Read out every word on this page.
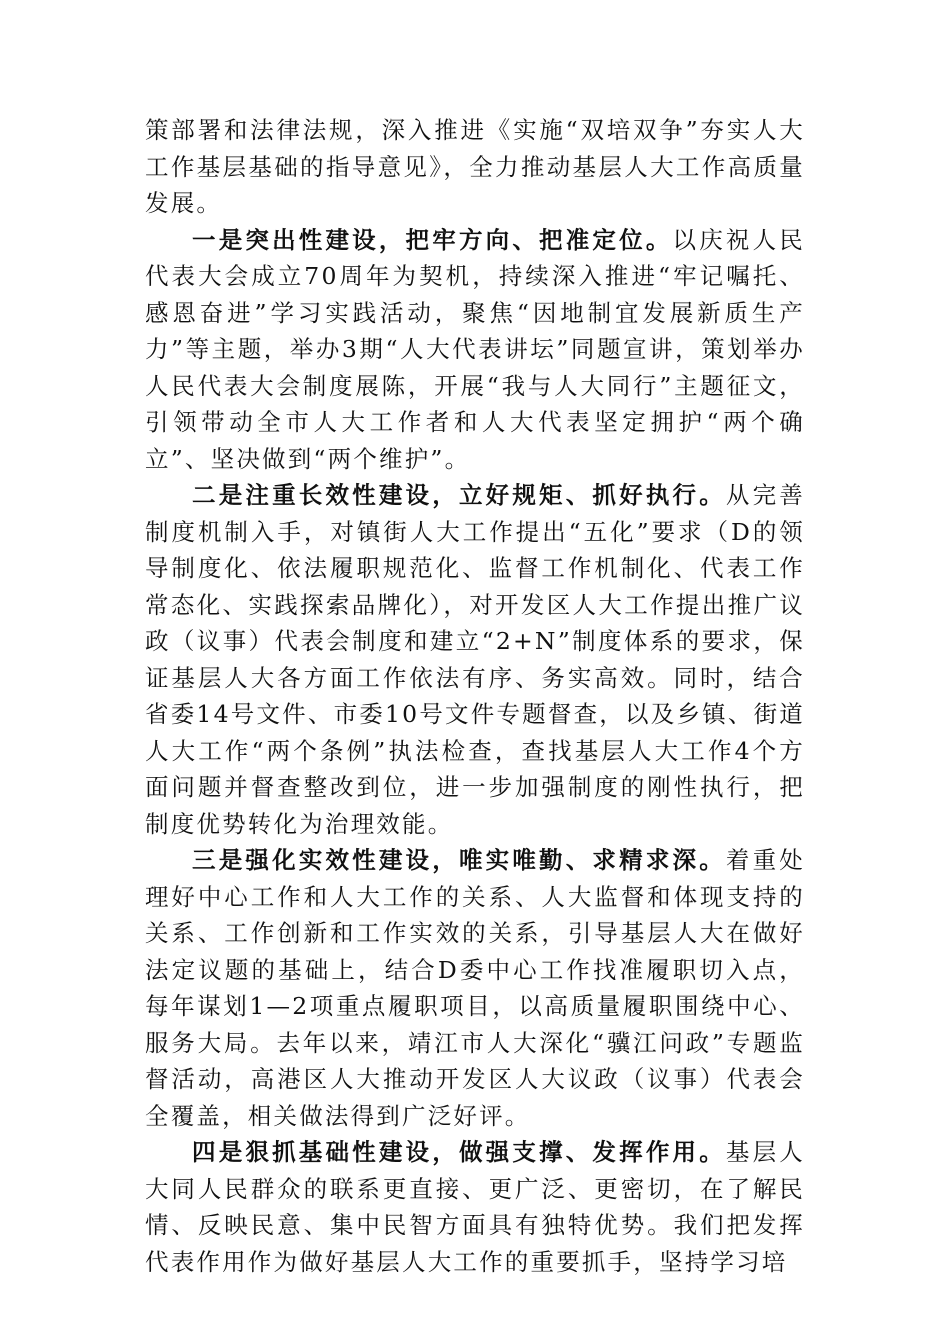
策部署和法律法规，深入推进《实施“双培双争”夯实人大工作基层基础的指导意见》，全力推动基层人大工作高质量发展。

一是突出性建设，把牢方向、把准定位。以庆祝人民代表大会成立70周年为契机，持续深入推进“牢记嘱托、感恩奋进”学习实践活动，聚焦“因地制宜发展新质生产力”等主题，举办3期“人大代表讲坛”同题宣讲，策划举办人民代表大会制度展陈，开展“我与人大同行”主题征文，引领带动全市人大工作者和人大代表坚定拥护“两个确立”、坚决做到“两个维护”。

二是注重长效性建设，立好规矩、抓好执行。从完善制度机制入手，对镇街人大工作提出“五化”要求（D的领导制度化、依法履职规范化、监督工作机制化、代表工作常态化、实践探索品牌化），对开发区人大工作提出推广议政（议事）代表会制度和建立“2+N”制度体系的要求，保证基层人大各方面工作依法有序、务实高效。同时，结合省委14号文件、市委10号文件专题督查，以及乡镇、街道人大工作“两个条例”执法检查，查找基层人大工作4个方面问题并督查整改到位，进一步加强制度的刚性执行，把制度优势转化为治理效能。

三是强化实效性建设，唯实唯勤、求精求深。着重处理好中心工作和人大工作的关系、人大监督和体现支持的关系、工作创新和工作实效的关系，引导基层人大在做好法定议题的基础上，结合D委中心工作找准履职切入点，每年谋划1—2项重点履职项目，以高质量履职围绕中心、服务大局。去年以来，靖江市人大深化“骥江问政”专题监督活动，高港区人大推动开发区人大议政（议事）代表会全覆盖，相关做法得到广泛好评。

四是狠抓基础性建设，做强支撑、发挥作用。基层人大同人民群众的联系更直接、更广泛、更密切，在了解民情、反映民意、集中民智方面具有独特优势。我们把发挥代表作用作为做好基层人大工作的重要抓手，坚持学习培
